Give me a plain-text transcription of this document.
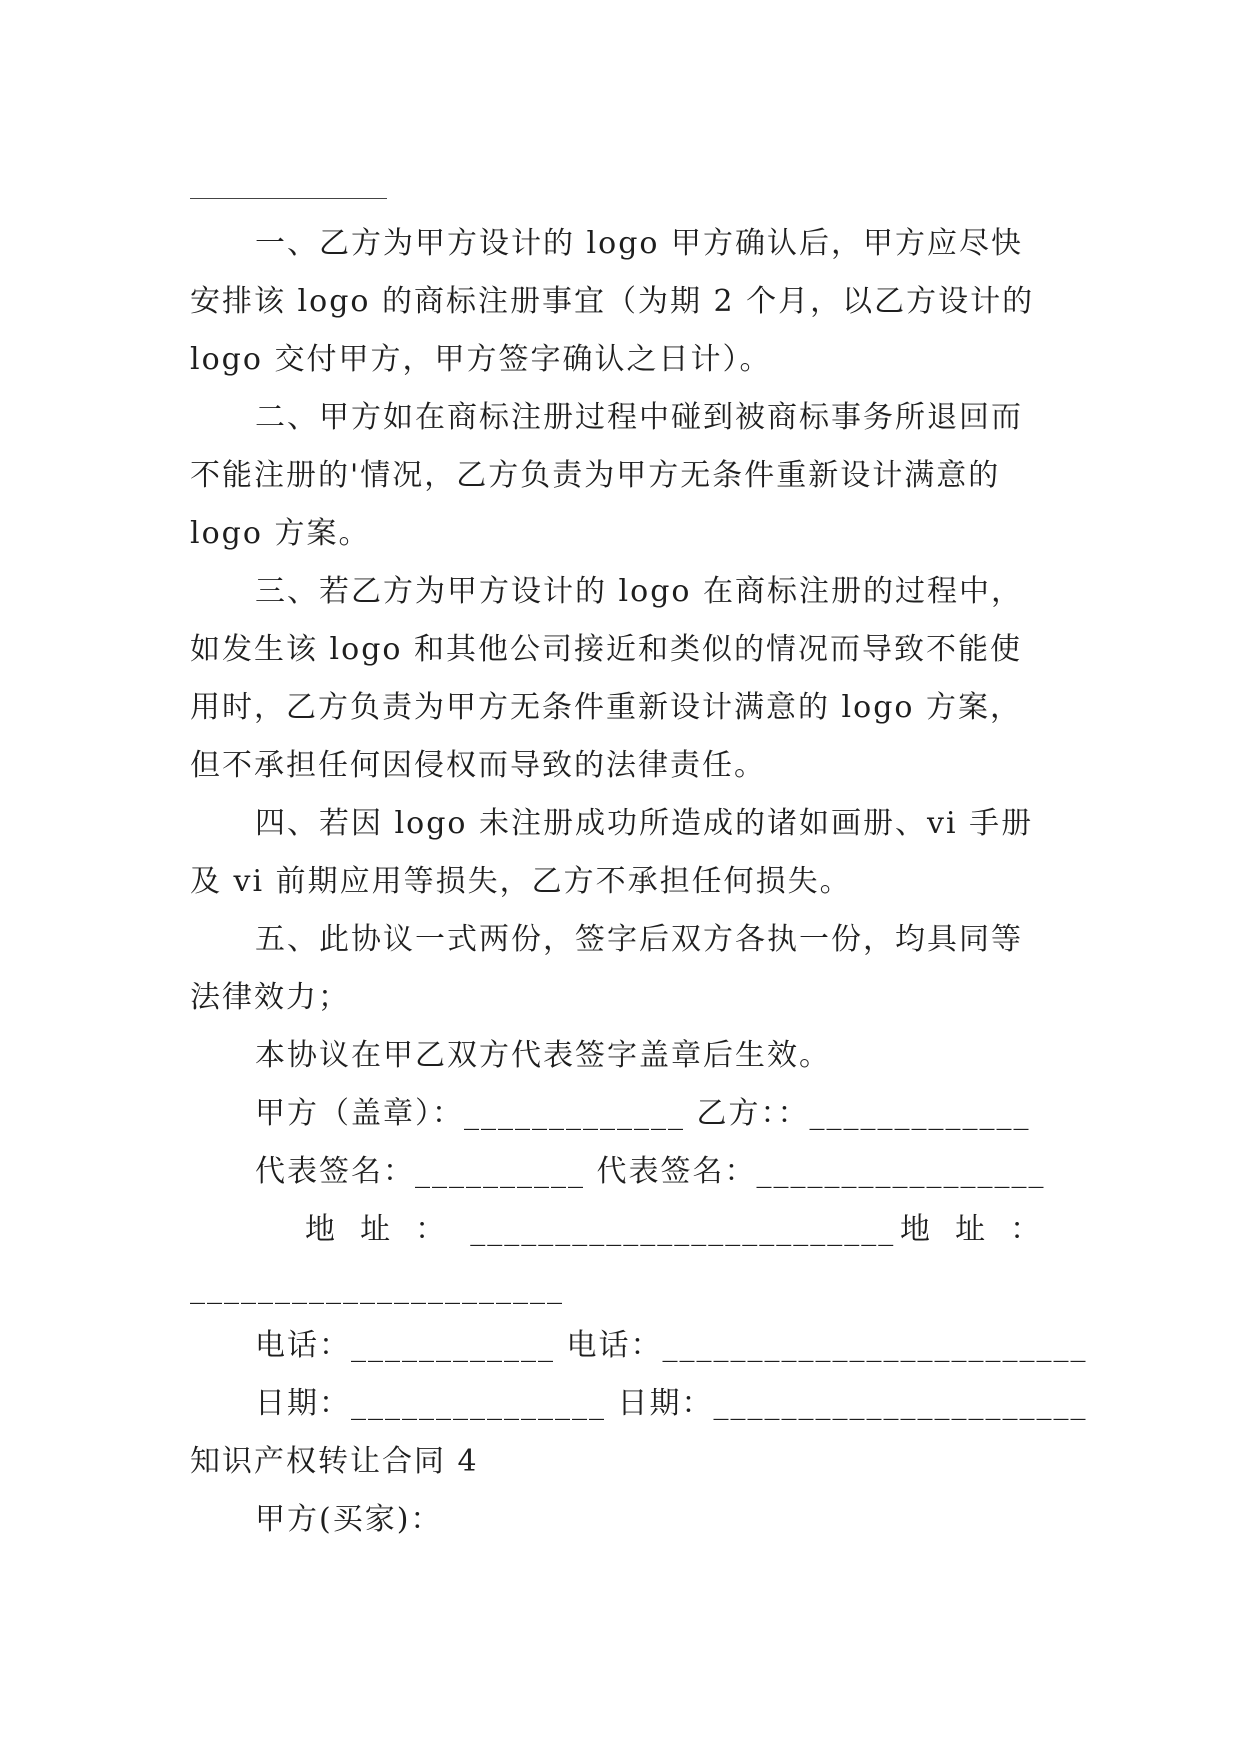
一、乙方为甲方设计的 logo 甲方确认后，甲方应尽快
安排该 logo 的商标注册事宜（为期 2 个月，以乙方设计的
logo 交付甲方，甲方签字确认之日计）。
二、甲方如在商标注册过程中碰到被商标事务所退回而
不能注册的'情况，乙方负责为甲方无条件重新设计满意的
logo 方案。
三、若乙方为甲方设计的 logo 在商标注册的过程中，
如发生该 logo 和其他公司接近和类似的情况而导致不能使
用时，乙方负责为甲方无条件重新设计满意的 logo 方案，
但不承担任何因侵权而导致的法律责任。
四、若因 logo 未注册成功所造成的诸如画册、vi 手册
及 vi 前期应用等损失，乙方不承担任何损失。
五、此协议一式两份，签字后双方各执一份，均具同等
法律效力；
本协议在甲乙双方代表签字盖章后生效。
甲方（盖章）：_____________ 乙方：：_____________
代表签名：__________ 代表签名：_________________
地  址  ：  _________________________ 地  址  ：
______________________
电话：____________ 电话：_________________________
日期：_______________ 日期：______________________
知识产权转让合同 4
甲方(买家)：
